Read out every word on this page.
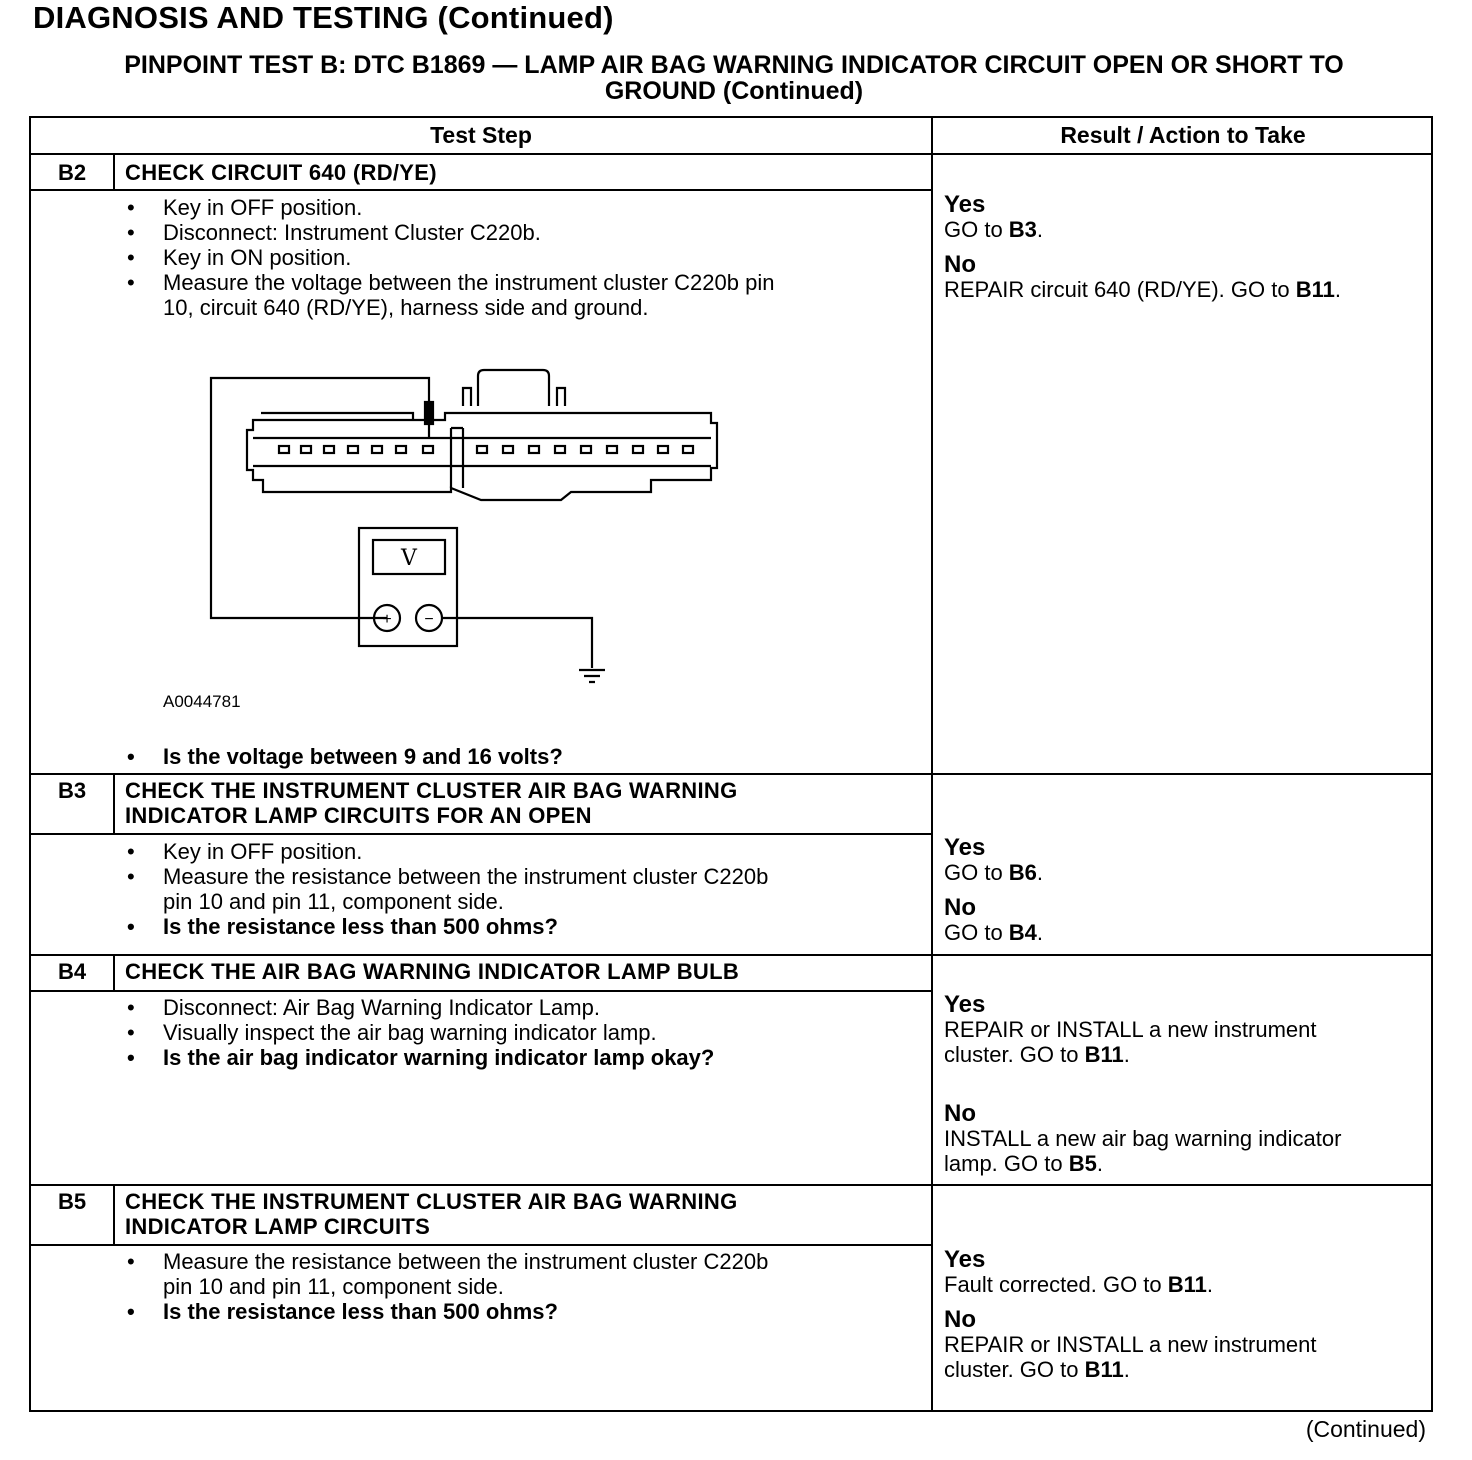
DIAGNOSIS AND TESTING (Continued)
PINPOINT TEST B: DTC B1869 — LAMP AIR BAG WARNING INDICATOR CIRCUIT OPEN OR SHORT TO
GROUND (Continued)
Test Step	Result / Action to Take
B2	CHECK CIRCUIT 640 (RD/YE)
• Key in OFF position.
• Disconnect: Instrument Cluster C220b.
• Key in ON position.
• Measure the voltage between the instrument cluster C220b pin
10, circuit 640 (RD/YE), harness side and ground.
V
+ −
A0044781
• Is the voltage between 9 and 16 volts?
Yes
GO to B3.
No
REPAIR circuit 640 (RD/YE). GO to B11.
B3	CHECK THE INSTRUMENT CLUSTER AIR BAG WARNING
INDICATOR LAMP CIRCUITS FOR AN OPEN
• Key in OFF position.
• Measure the resistance between the instrument cluster C220b
pin 10 and pin 11, component side.
• Is the resistance less than 500 ohms?
Yes
GO to B6.
No
GO to B4.
B4	CHECK THE AIR BAG WARNING INDICATOR LAMP BULB
• Disconnect: Air Bag Warning Indicator Lamp.
• Visually inspect the air bag warning indicator lamp.
• Is the air bag indicator warning indicator lamp okay?
Yes
REPAIR or INSTALL a new instrument
cluster. GO to B11.
No
INSTALL a new air bag warning indicator
lamp. GO to B5.
B5	CHECK THE INSTRUMENT CLUSTER AIR BAG WARNING
INDICATOR LAMP CIRCUITS
• Measure the resistance between the instrument cluster C220b
pin 10 and pin 11, component side.
• Is the resistance less than 500 ohms?
Yes
Fault corrected. GO to B11.
No
REPAIR or INSTALL a new instrument
cluster. GO to B11.
(Continued)
